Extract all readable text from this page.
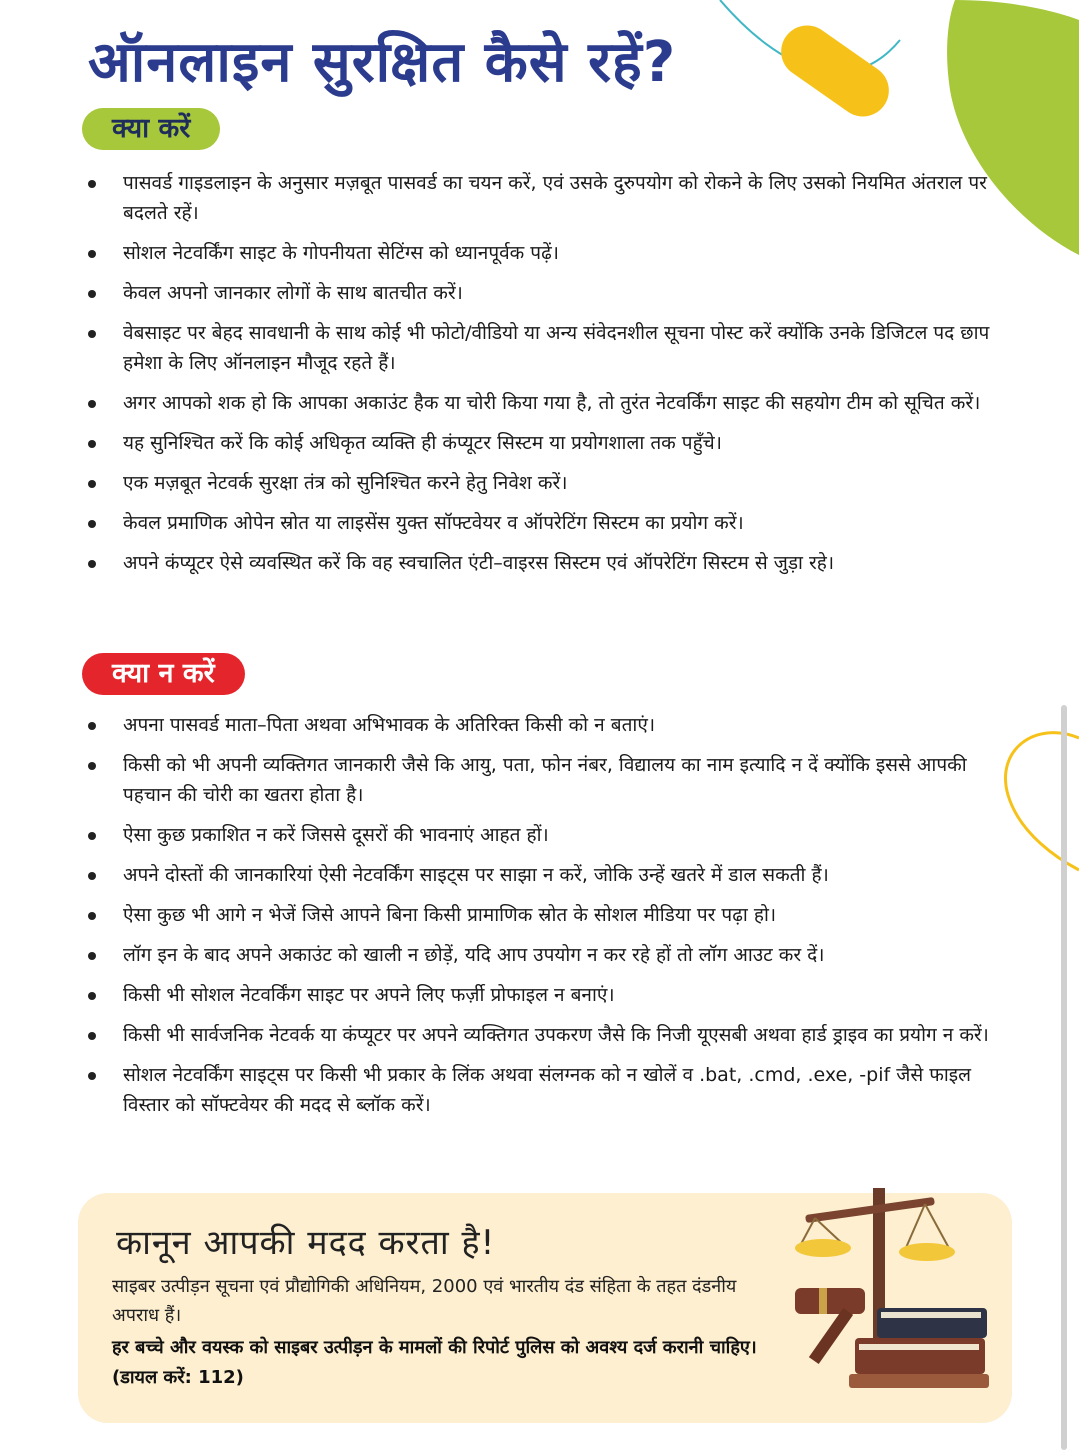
ऑनलाइन सुरक्षित कैसे रहें?
क्या करें
पासवर्ड गाइडलाइन के अनुसार मज़बूत पासवर्ड का चयन करें, एवं उसके दुरुपयोग को रोकने के लिए उसको नियमित अंतराल पर बदलते रहें।
सोशल नेटवर्किंग साइट के गोपनीयता सेटिंग्स को ध्यानपूर्वक पढ़ें।
केवल अपनो जानकार लोगों के साथ बातचीत करें।
वेबसाइट पर बेहद सावधानी के साथ कोई भी फोटो/वीडियो या अन्य संवेदनशील सूचना पोस्ट करें क्योंकि उनके डिजिटल पद छाप हमेशा के लिए ऑनलाइन मौजूद रहते हैं।
अगर आपको शक हो कि आपका अकाउंट हैक या चोरी किया गया है, तो तुरंत नेटवर्किंग साइट की सहयोग टीम को सूचित करें।
यह सुनिश्चित करें कि कोई अधिकृत व्यक्ति ही कंप्यूटर सिस्टम या प्रयोगशाला तक पहुँचे।
एक मज़बूत नेटवर्क सुरक्षा तंत्र को सुनिश्चित करने हेतु निवेश करें।
केवल प्रमाणिक ओपेन स्रोत या लाइसेंस युक्त सॉफ्टवेयर व ऑपरेटिंग सिस्टम का प्रयोग करें।
अपने कंप्यूटर ऐसे व्यवस्थित करें कि वह स्वचालित एंटी–वाइरस सिस्टम एवं ऑपरेटिंग सिस्टम से जुड़ा रहे।
क्या न करें
अपना पासवर्ड माता–पिता अथवा अभिभावक के अतिरिक्त किसी को न बताएं।
किसी को भी अपनी व्यक्तिगत जानकारी जैसे कि आयु, पता, फोन नंबर, विद्यालय का नाम इत्यादि न दें क्योंकि इससे आपकी पहचान की चोरी का खतरा होता है।
ऐसा कुछ प्रकाशित न करें जिससे दूसरों की भावनाएं आहत हों।
अपने दोस्तों की जानकारियां ऐसी नेटवर्किंग साइट्स पर साझा न करें, जोकि उन्हें खतरे में डाल सकती हैं।
ऐसा कुछ भी आगे न भेजें जिसे आपने बिना किसी प्रामाणिक स्रोत के सोशल मीडिया पर पढ़ा हो।
लॉग इन के बाद अपने अकाउंट को खाली न छोड़ें, यदि आप उपयोग न कर रहे हों तो लॉग आउट कर दें।
किसी भी सोशल नेटवर्किंग साइट पर अपने लिए फर्ज़ी प्रोफाइल न बनाएं।
किसी भी सार्वजनिक नेटवर्क या कंप्यूटर पर अपने व्यक्तिगत उपकरण जैसे कि निजी यूएसबी अथवा हार्ड ड्राइव का प्रयोग न करें।
सोशल नेटवर्किंग साइट्स पर किसी भी प्रकार के लिंक अथवा संलग्नक को न खोलें व .bat, .cmd, .exe, -pif जैसे फाइल विस्तार को सॉफ्टवेयर की मदद से ब्लॉक करें।
कानून आपकी मदद करता है!

साइबर उत्पीड़न सूचना एवं प्रौद्योगिकी अधिनियम, 2000 एवं भारतीय दंड संहिता के तहत दंडनीय अपराध हैं।

हर बच्चे और वयस्क को साइबर उत्पीड़न के मामलों की रिपोर्ट पुलिस को अवश्य दर्ज करानी चाहिए। (डायल करें: 112)
